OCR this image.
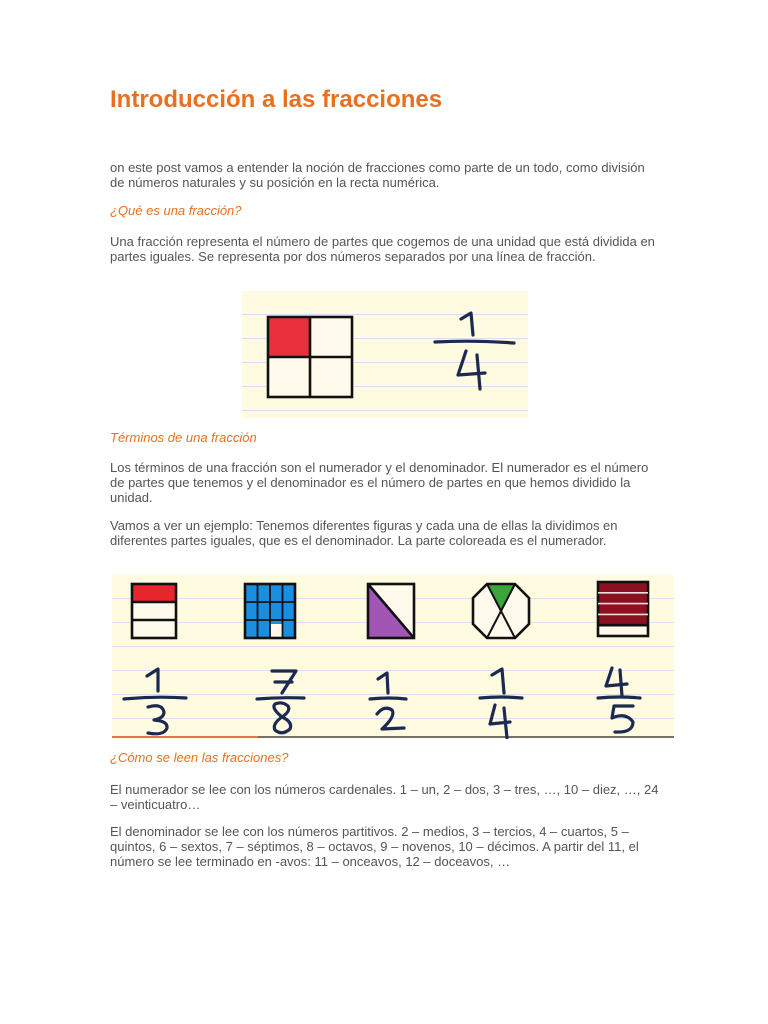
Introducción a las fracciones

on este post vamos a entender la noción de fracciones como parte de un todo, como división de números naturales y su posición en la recta numérica.

¿Qué es una fracción?

Una fracción representa el número de partes que cogemos de una unidad que está dividida en partes iguales. Se representa por dos números separados por una línea de fracción.

Términos de una fracción

Los términos de una fracción son el numerador y el denominador. El numerador es el número de partes que tenemos y el denominador es el número de partes en que hemos dividido la unidad.

Vamos a ver un ejemplo: Tenemos diferentes figuras y cada una de ellas la dividimos en diferentes partes iguales, que es el denominador. La parte coloreada es el numerador.

¿Cómo se leen las fracciones?

El numerador se lee con los números cardenales. 1 – un, 2 – dos, 3 – tres, …, 10 – diez, …, 24 – veinticuatro…

El denominador se lee con los números partitivos. 2 – medios, 3 – tercios, 4 – cuartos, 5 – quintos, 6 – sextos, 7 – séptimos, 8 – octavos, 9 – novenos, 10 – décimos. A partir del 11, el número se lee terminado en -avos: 11 – onceavos, 12 – doceavos, …
